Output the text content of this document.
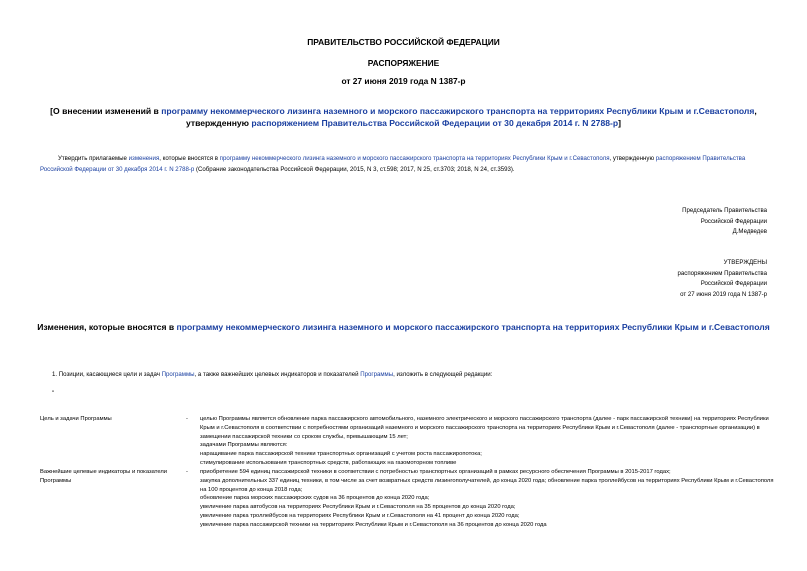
ПРАВИТЕЛЬСТВО РОССИЙСКОЙ ФЕДЕРАЦИИ
РАСПОРЯЖЕНИЕ
от 27 июня 2019 года N 1387-р
[О внесении изменений в программу некоммерческого лизинга наземного и морского пассажирского транспорта на территориях Республики Крым и г.Севастополя, утвержденную распоряжением Правительства Российской Федерации от 30 декабря 2014 г. N 2788-р]
Утвердить прилагаемые изменения, которые вносятся в программу некоммерческого лизинга наземного и морского пассажирского транспорта на территориях Республики Крым и г.Севастополя, утвержденную распоряжением Правительства Российской Федерации от 30 декабря 2014 г. N 2788-р (Собрание законодательства Российской Федерации, 2015, N 3, ст.598; 2017, N 25, ст.3703; 2018, N 24, ст.3593).
Председатель Правительства
Российской Федерации
Д.Медведев
УТВЕРЖДЕНЫ
распоряжением Правительства
Российской Федерации
от 27 июня 2019 года N 1387-р
Изменения, которые вносятся в программу некоммерческого лизинга наземного и морского пассажирского транспорта на территориях Республики Крым и г.Севастополя
1. Позиции, касающиеся цели и задач Программы, а также важнейших целевых индикаторов и показателей Программы, изложить в следующей редакции:
"
Цель и задачи Программы	- целью Программы является обновление парка пассажирского автомобильного, наземного электрического и морского пассажирского транспорта (далее - парк пассажирской техники) на территориях Республики Крым и г.Севастополя в соответствии с потребностями организаций наземного и морского пассажирского транспорта на территориях Республики Крым и г.Севастополя (далее - транспортные организации) в замещении пассажирской техники со сроком службы, превышающим 15 лет;
задачами Программы являются:
наращивание парка пассажирской техники транспортных организаций с учетом роста пассажиропотока;
стимулирование использования транспортных средств, работающих на газомоторном топливе
Важнейшие целевые индикаторы и показатели Программы
- приобретение 594 единиц пассажирской техники в соответствии с потребностью транспортных организаций в рамках ресурсного обеспечения Программы в 2015-2017 годах;
закупка дополнительных 337 единиц техники, в том числе за счет возвратных средств лизингополучателей, до конца 2020 года; обновление парка троллейбусов на территориях Республики Крым и г.Севастополя на 100 процентов до конца 2018 года;
обновление парка морских пассажирских судов на 36 процентов до конца 2020 года;
увеличение парка автобусов на территориях Республики Крым и г.Севастополя на 35 процентов до конца 2020 года;
увеличение парка троллейбусов на территориях Республики Крым и г.Севастополя на 41 процент до конца 2020 года;
увеличение парка пассажирской техники на территориях Республики Крым и г.Севастополя на 36 процентов до конца 2020 года
